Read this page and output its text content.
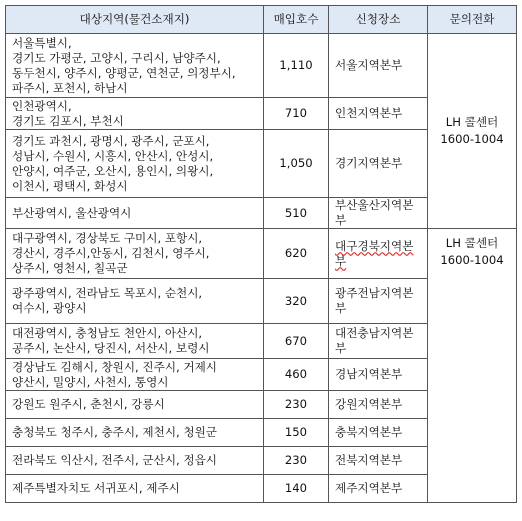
대상지역(물건소재지)	매입호수	신청장소	문의전화
서울특별시,
경기도 가평군, 고양시, 구리시, 남양주시,
동두천시, 양주시, 양평군, 연천군, 의정부시,
파주시, 포천시, 하남시	1,110	서울지역본부	LH 콜센터
1600-1004

인천광역시,
경기도 김포시, 부천시	710	인천지역본부	
경기도 과천시, 광명시, 광주시, 군포시,
성남시, 수원시, 시흥시, 안산시, 안성시,
안양시, 여주군, 오산시, 용인시, 의왕시,
이천시, 평택시, 화성시	1,050	경기지역본부	
부산광역시, 울산광역시	510	부산울산지역본부	
대구광역시, 경상북도 구미시, 포항시,
경산시, 경주시,안동시, 김천시, 영주시,
상주시, 영천시, 칠곡군	620	대구경북지역본부	LH 콜센터
1600-1004

광주광역시, 전라남도 목포시, 순천시,
여수시, 광양시	320	광주전남지역본부	
대전광역시, 충청남도 천안시, 아산시,
공주시, 논산시, 당진시, 서산시, 보령시	670	대전충남지역본부	
경상남도 김해시, 창원시, 진주시, 거제시
양산시, 밀양시, 사천시, 통영시	460	경남지역본부	
강원도 원주시, 춘천시, 강릉시	230	강원지역본부	
충청북도 청주시, 충주시, 제천시, 청원군	150	충북지역본부	
전라북도 익산시, 전주시, 군산시, 정읍시	230	전북지역본부	
제주특별자치도 서귀포시, 제주시	140	제주지역본부	
